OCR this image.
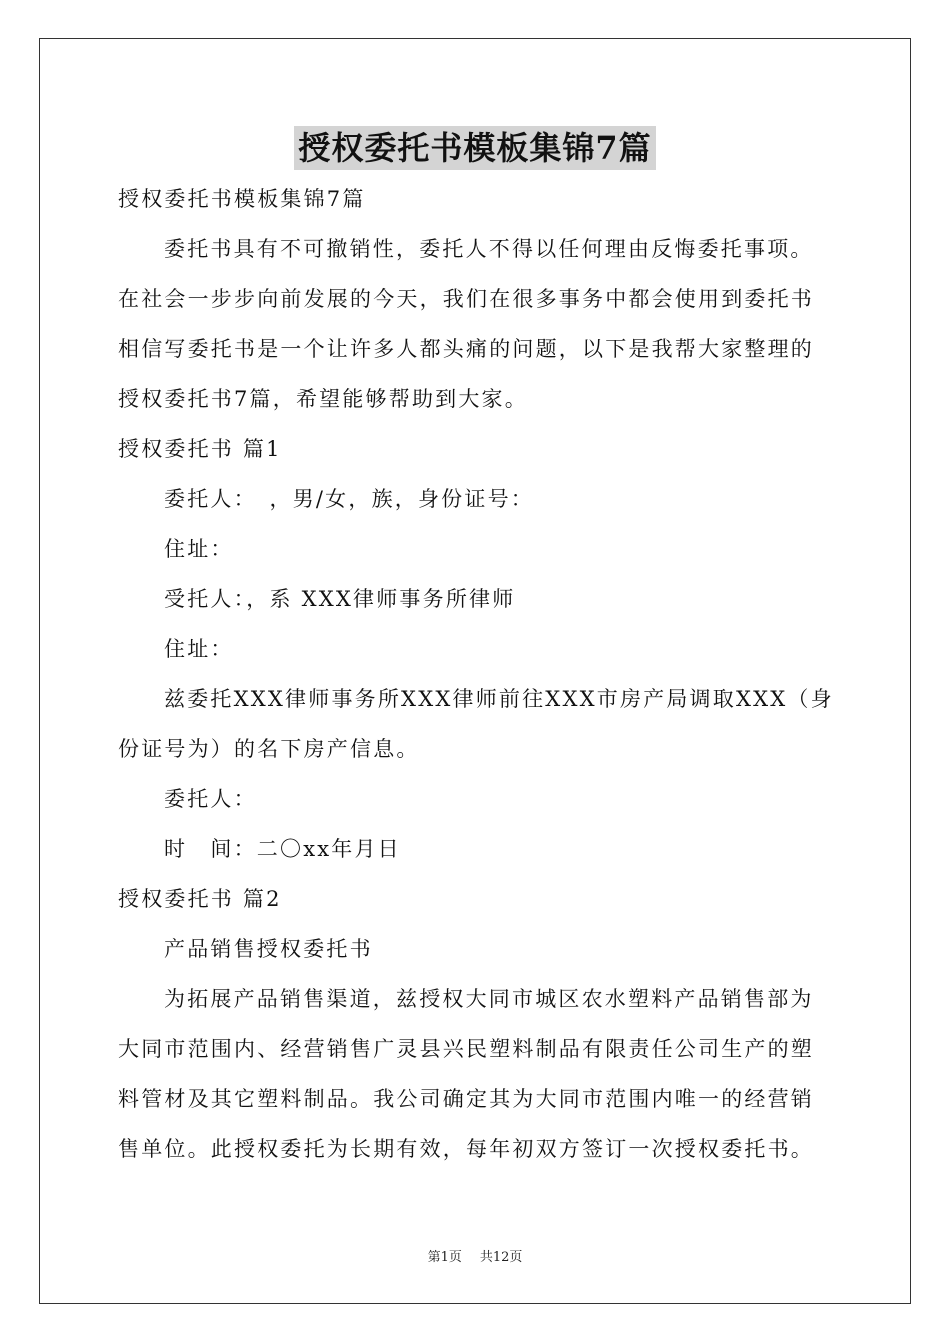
授权委托书模板集锦7篇
授权委托书模板集锦7篇
委托书具有不可撤销性，委托人不得以任何理由反悔委托事项。
在社会一步步向前发展的今天，我们在很多事务中都会使用到委托书
相信写委托书是一个让许多人都头痛的问题，以下是我帮大家整理的
授权委托书7篇，希望能够帮助到大家。
授权委托书 篇1
委托人：　，男/女，族，身份证号：
住址：
受托人：，系 XXX律师事务所律师
住址：
兹委托XXX律师事务所XXX律师前往XXX市房产局调取XXX（身
份证号为）的名下房产信息。
委托人：
时　间：二〇xx年月日
授权委托书 篇2
产品销售授权委托书
为拓展产品销售渠道，兹授权大同市城区农水塑料产品销售部为
大同市范围内、经营销售广灵县兴民塑料制品有限责任公司生产的塑
料管材及其它塑料制品。我公司确定其为大同市范围内唯一的经营销
售单位。此授权委托为长期有效，每年初双方签订一次授权委托书。
第1页 共12页
